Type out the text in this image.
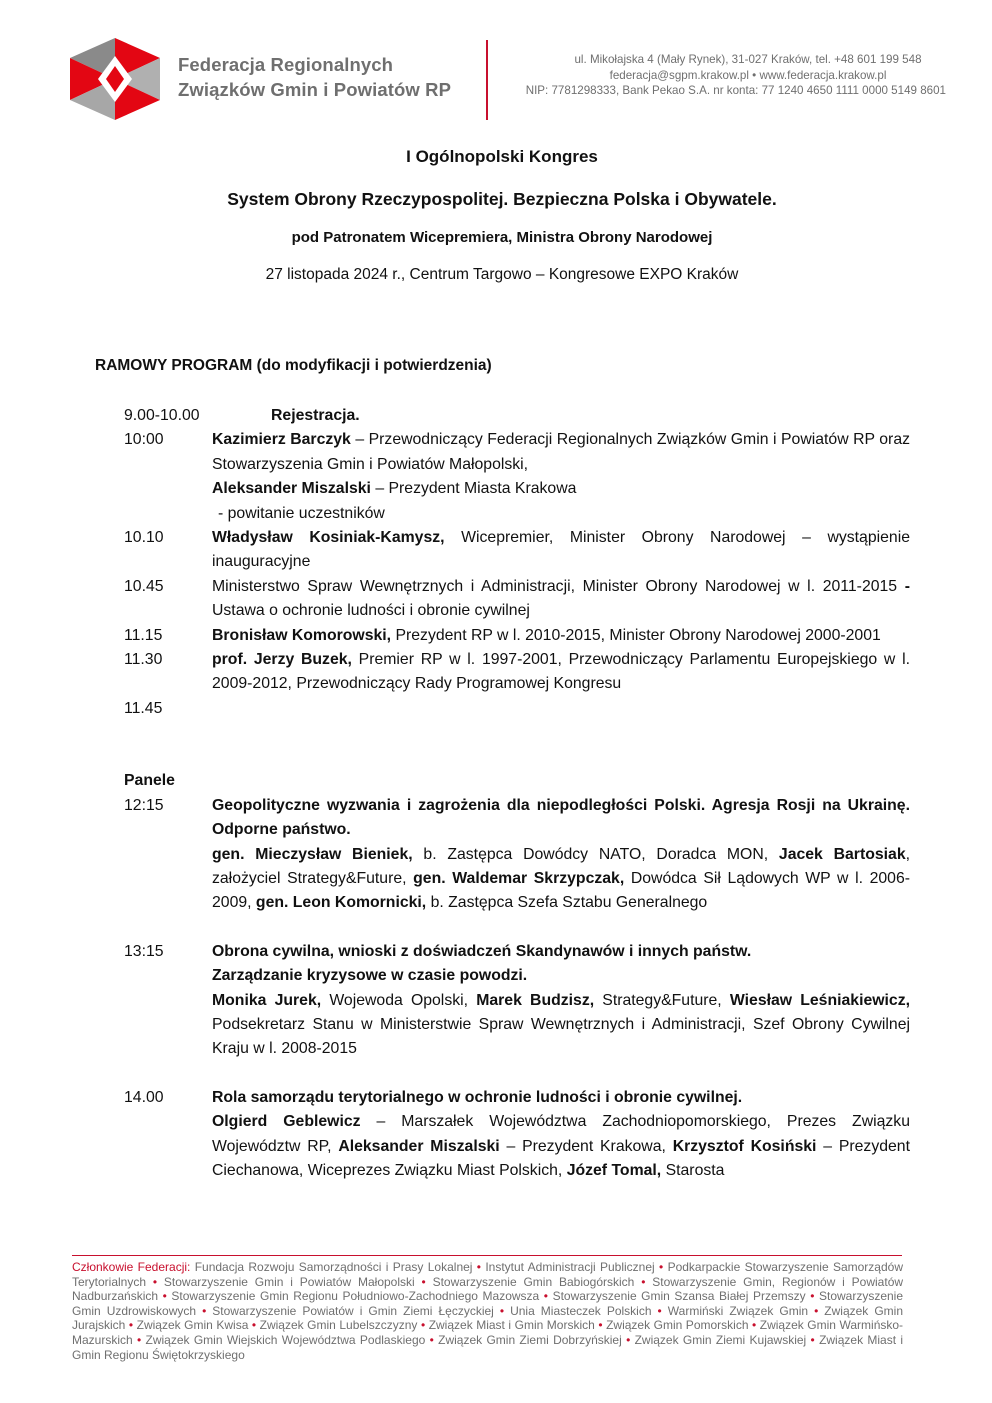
Federacja Regionalnych
Związków Gmin i Powiatów RP
ul. Mikołajska 4 (Mały Rynek), 31-027 Kraków, tel. +48 601 199 548
federacja@sgpm.krakow.pl • www.federacja.krakow.pl
NIP: 7781298333, Bank Pekao S.A. nr konta: 77 1240 4650 1111 0000 5149 8601

I Ogólnopolski Kongres

System Obrony Rzeczypospolitej. Bezpieczna Polska i Obywatele.

pod Patronatem Wicepremiera, Ministra Obrony Narodowej

27 listopada 2024 r., Centrum Targowo – Kongresowe EXPO Kraków

RAMOWY PROGRAM (do modyfikacji i potwierdzenia)
9.00-10.00	Rejestracja.
10:00	Kazimierz Barczyk – Przewodniczący Federacji Regionalnych Związków Gmin i Powiatów RP oraz Stowarzyszenia Gmin i Powiatów Małopolski,

Aleksander Miszalski – Prezydent Miasta Krakowa

- powitanie uczestników

10.10	Władysław Kosiniak-Kamysz, Wicepremier, Minister Obrony Narodowej – wystąpienie inauguracyjne

10.45	Ministerstwo Spraw Wewnętrznych i Administracji, Minister Obrony Narodowej w l. 2011-2015 - Ustawa o ochronie ludności i obronie cywilnej

11.15	Bronisław Komorowski, Prezydent RP w l. 2010-2015, Minister Obrony Narodowej 2000-2001

11.30	prof. Jerzy Buzek, Premier RP w l. 1997-2001, Przewodniczący Parlamentu Europejskiego w l. 2009-2012, Przewodniczący Rady Programowej Kongresu

11.45
Panele
12:15	Geopolityczne wyzwania i zagrożenia dla niepodległości Polski. Agresja Rosji na Ukrainę. Odporne państwo.

gen. Mieczysław Bieniek, b. Zastępca Dowódcy NATO, Doradca MON, Jacek Bartosiak, założyciel Strategy&Future, gen. Waldemar Skrzypczak, Dowódca Sił Lądowych WP w l. 2006-2009, gen. Leon Komornicki, b. Zastępca Szefa Sztabu Generalnego

13:15	Obrona cywilna, wnioski z doświadczeń Skandynawów i innych państw.

Zarządzanie kryzysowe w czasie powodzi.

Monika Jurek, Wojewoda Opolski, Marek Budzisz, Strategy&Future, Wiesław Leśniakiewicz, Podsekretarz Stanu w Ministerstwie Spraw Wewnętrznych i Administracji, Szef Obrony Cywilnej Kraju w l. 2008-2015

14.00	Rola samorządu terytorialnego w ochronie ludności i obronie cywilnej.

Olgierd Geblewicz – Marszałek Województwa Zachodniopomorskiego, Prezes Związku Województw RP, Aleksander Miszalski – Prezydent Krakowa, Krzysztof Kosiński – Prezydent Ciechanowa, Wiceprezes Związku Miast Polskich, Józef Tomal, Starosta

Członkowie Federacji: Fundacja Rozwoju Samorządności i Prasy Lokalnej • Instytut Administracji Publicznej • Podkarpackie Stowarzyszenie Samorządów Terytorialnych • Stowarzyszenie Gmin i Powiatów Małopolski • Stowarzyszenie Gmin Babiogórskich • Stowarzyszenie Gmin, Regionów i Powiatów Nadburzańskich • Stowarzyszenie Gmin Regionu Południowo-Zachodniego Mazowsza • Stowarzyszenie Gmin Szansa Białej Przemszy • Stowarzyszenie Gmin Uzdrowiskowych • Stowarzyszenie Powiatów i Gmin Ziemi Łęczyckiej • Unia Miasteczek Polskich • Warmiński Związek Gmin • Związek Gmin Jurajskich • Związek Gmin Kwisa • Związek Gmin Lubelszczyzny • Związek Miast i Gmin Morskich • Związek Gmin Pomorskich • Związek Gmin Warmińsko-Mazurskich • Związek Gmin Wiejskich Województwa Podlaskiego • Związek Gmin Ziemi Dobrzyńskiej • Związek Gmin Ziemi Kujawskiej • Związek Miast i Gmin Regionu Świętokrzyskiego
